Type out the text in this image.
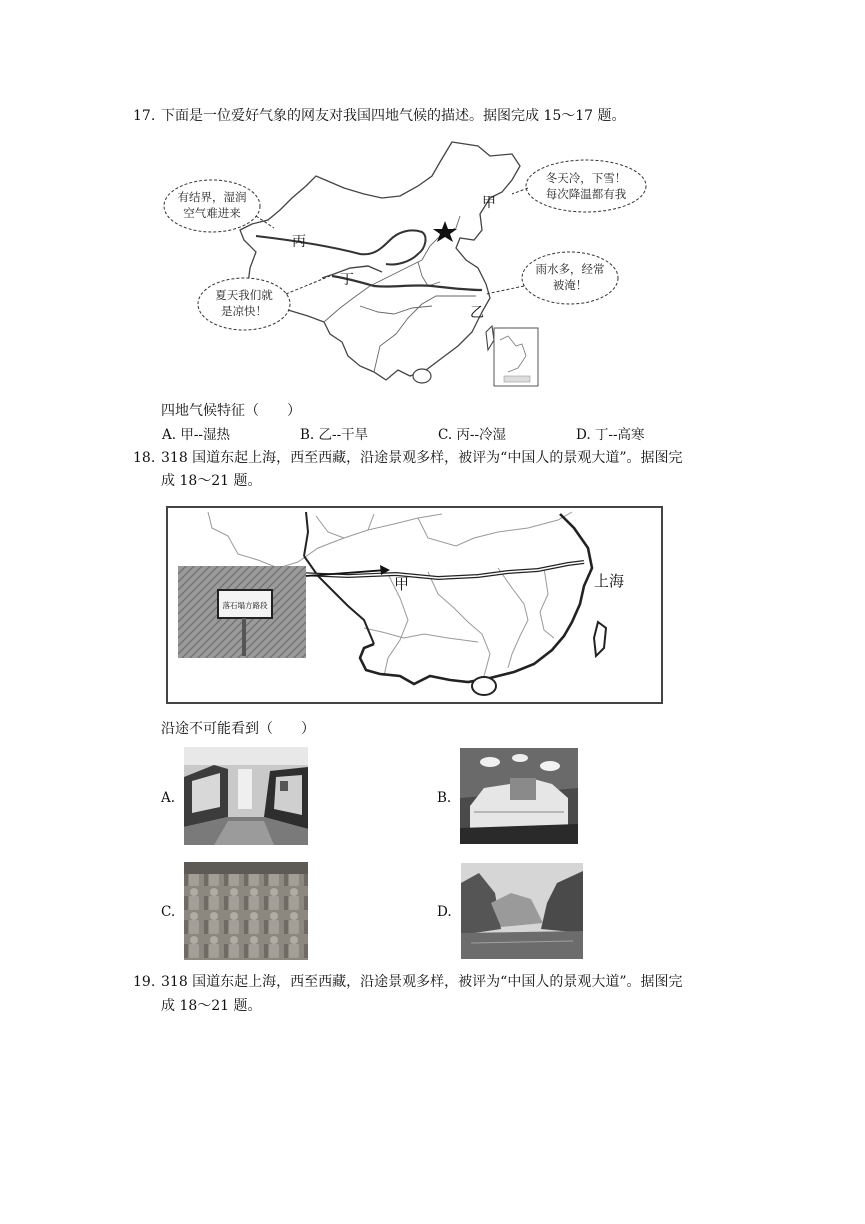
17. 下面是一位爱好气象的网友对我国四地气候的描述。据图完成 15～17 题。
甲
乙
丙
丁
有结界，湿润
空气难进来
冬天冷，下雪！
每次降温都有我
雨水多，经常
被淹！
夏天我们就
是凉快！
四地气候特征（　　）
A. 甲--湿热	B. 乙--干旱	C. 丙--冷湿	D. 丁--高寒
18. 318 国道东起上海，西至西藏，沿途景观多样，被评为“中国人的景观大道”。据图完
成 18～21 题。
甲	上海
落石塌方路段
沿途不可能看到（　　）
A.	B.
C.	D.
19. 318 国道东起上海，西至西藏，沿途景观多样，被评为“中国人的景观大道”。据图完
成 18～21 题。
